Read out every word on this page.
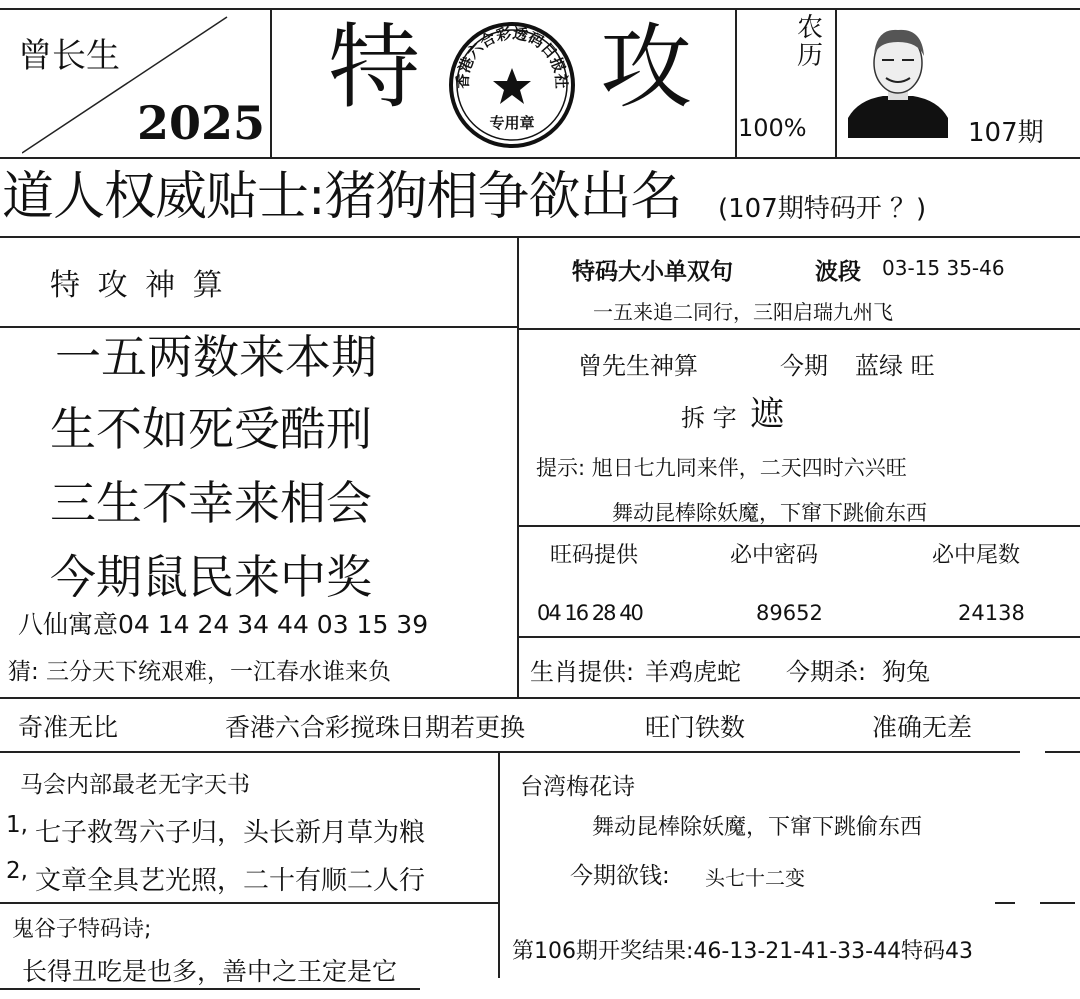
曾长生
2025
特 攻
香港六合彩透码日报社
专用章
农历
100%	107期
道人权威贴士:猪狗相争欲出名 (107期特码开 ？)
特 攻 神 算
一五两数来本期
生不如死受酷刑
三生不幸来相会
今期鼠民来中奖
八仙寓意04 14 24 34 44 03 15 39
猜: 三分天下统艰难，一江春水谁来负
特码大小单双句	波段 03-15 35-46
一五来追二同行，三阳启瑞九州飞
曾先生神算	今期 蓝绿 旺
拆 字 遮
提示: 旭日七九同来伴，二天四时六兴旺
舞动昆棒除妖魔，下窜下跳偷东西
旺码提供	必中密码	必中尾数
04 16 28 40	89652	24138
生肖提供: 羊鸡虎蛇 今期杀: 狗兔
奇准无比	香港六合彩搅珠日期若更换	旺门铁数	准确无差
马会内部最老无字天书
1, 七子救驾六子归，头长新月草为粮
2, 文章全具艺光照，二十有顺二人行
台湾梅花诗
舞动昆棒除妖魔，下窜下跳偷东西
今期欲钱: 头七十二变
鬼谷子特码诗;
长得丑吃是也多，善中之王定是它
第106期开奖结果:46-13-21-41-33-44特码43
